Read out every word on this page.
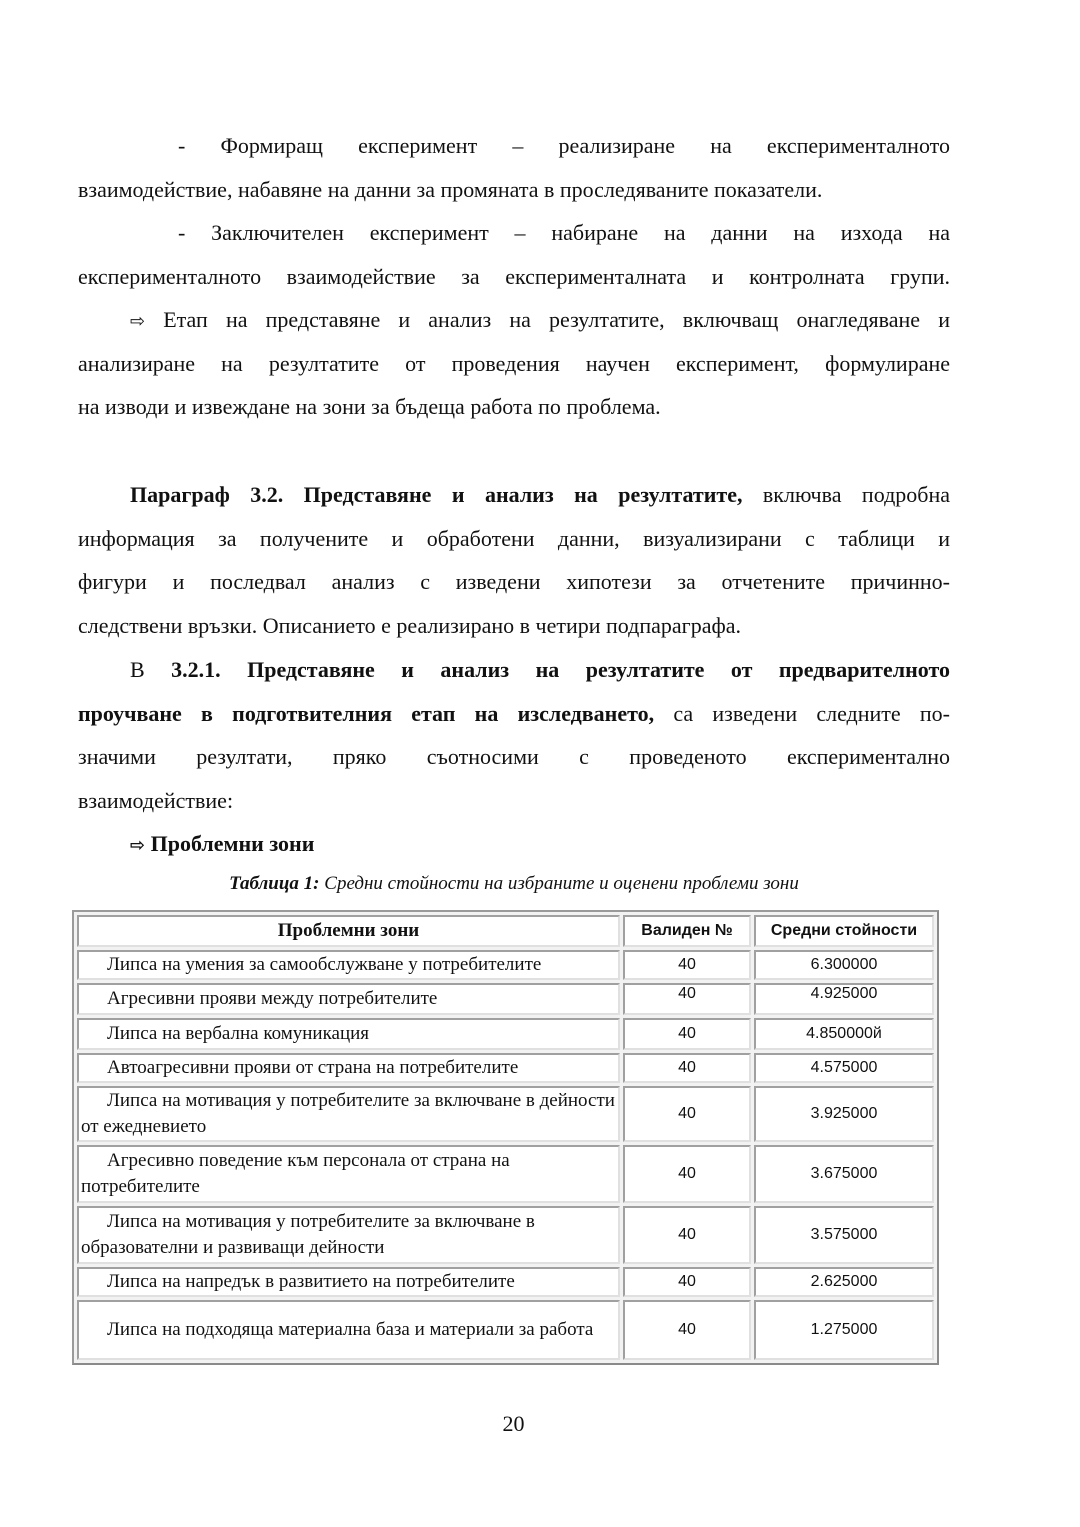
- Формиращ експеримент – реализиране на експерименталното
взаимодействие, набавяне на данни за промяната в проследяваните показатели.
- Заключителен експеримент – набиране на данни на изхода на
експерименталното взаимодействие за експерименталната и контролната групи.
⇨ Етап на представяне и анализ на резултатите, включващ онагледяване и
анализиране на резултатите от проведения научен експеримент, формулиране
на изводи и извеждане на зони за бъдеща работа по проблема.
Параграф 3.2. Представяне и анализ на резултатите, включва подробна
информация за получените и обработени данни, визуализирани с таблици и
фигури и последвал анализ с изведени хипотези за отчетените причинно-
следствени връзки. Описанието е реализирано в четири подпараграфа.
В 3.2.1. Представяне и анализ на резултатите от предварителното
проучване в подготвителния етап на изследването, са изведени следните по-
значими резултати, пряко съотносими с проведеното експериментално
взаимодействие:
⇨ Проблемни зони
Таблица 1: Средни стойности на избраните и оценени проблеми зони
Проблемни зони	Валиден №	Средни стойности

Липса на умения за самообслужване у потребителите	40	6.300000

Агресивни прояви между потребителите	40	4.925000

Липса на вербална комуникация	40	4.850000й

Автоагресивни прояви от страна на потребителите	40	4.575000

Липса на мотивация у потребителите за включване в дейности от ежедневието	40	3.925000

Агресивно поведение към персонала от страна на потребителите	40	3.675000

Липса на мотивация у потребителите за включване в образователни и развиващи дейности	40	3.575000

Липса на напредък в развитието на потребителите	40	2.625000

Липса на подходяща материална база и материали за работа	40	1.275000
20
